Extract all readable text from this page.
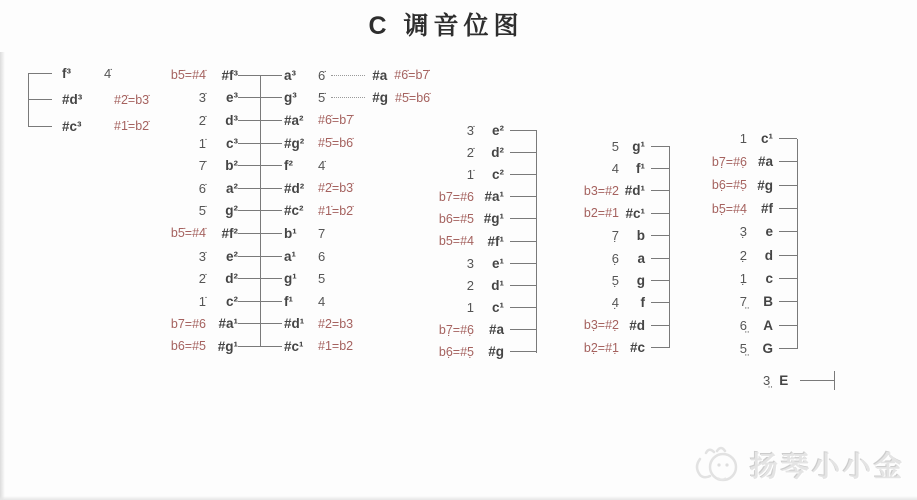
C 调音位图
f³	4̇
#d³	#2̇=b3̇
#c³	#1̇=b2̇
b5̇=#4̇	#f³	a³	6̇	#a #6̇=b7̇
3̇	e³	g³	5̇	#g #5̇=b6̇
2̇	d³	#a²	#6̇=b7̇
1̇	c³	#g²	#5̇=b6̇
7̇	b²	f²	4̇
6̇	a²	#d²	#2̇=b3̇
5̇	g²	#c²	#1̇=b2̇
b5̇=#4̇	#f²	b¹	7
3̇	e²	a¹	6
2̇	d²	g¹	5
1̇	c²	f¹	4
b7=#6 #a¹	#d¹	#2=b3
b6=#5 #g¹	#c¹	#1=b2
3̇	e²
2̇	d²
1̇	c²
b7=#6 #a¹
b6=#5 #g¹
b5=#4	#f¹
3	e¹
2	d¹
1	c¹
b7̣=#6̣	#a
b6̣=#5̣	#g
5 g¹
4	f¹
b3=#2 #d¹
b2=#1 #c¹
7̣	b
6̣	a
5̣	g
4̣	f
b3̣=#2̣ #d
b2̣=#1̣ #c
1	c¹
b7̣=#6̣ #a
b6̣=#5̣ #g
b5̣=#4̣	#f
3̣	e
2̣	d
1̣	c
7̤	B
6̤	A
5̤	G
3̤ E
扬琴小小金
